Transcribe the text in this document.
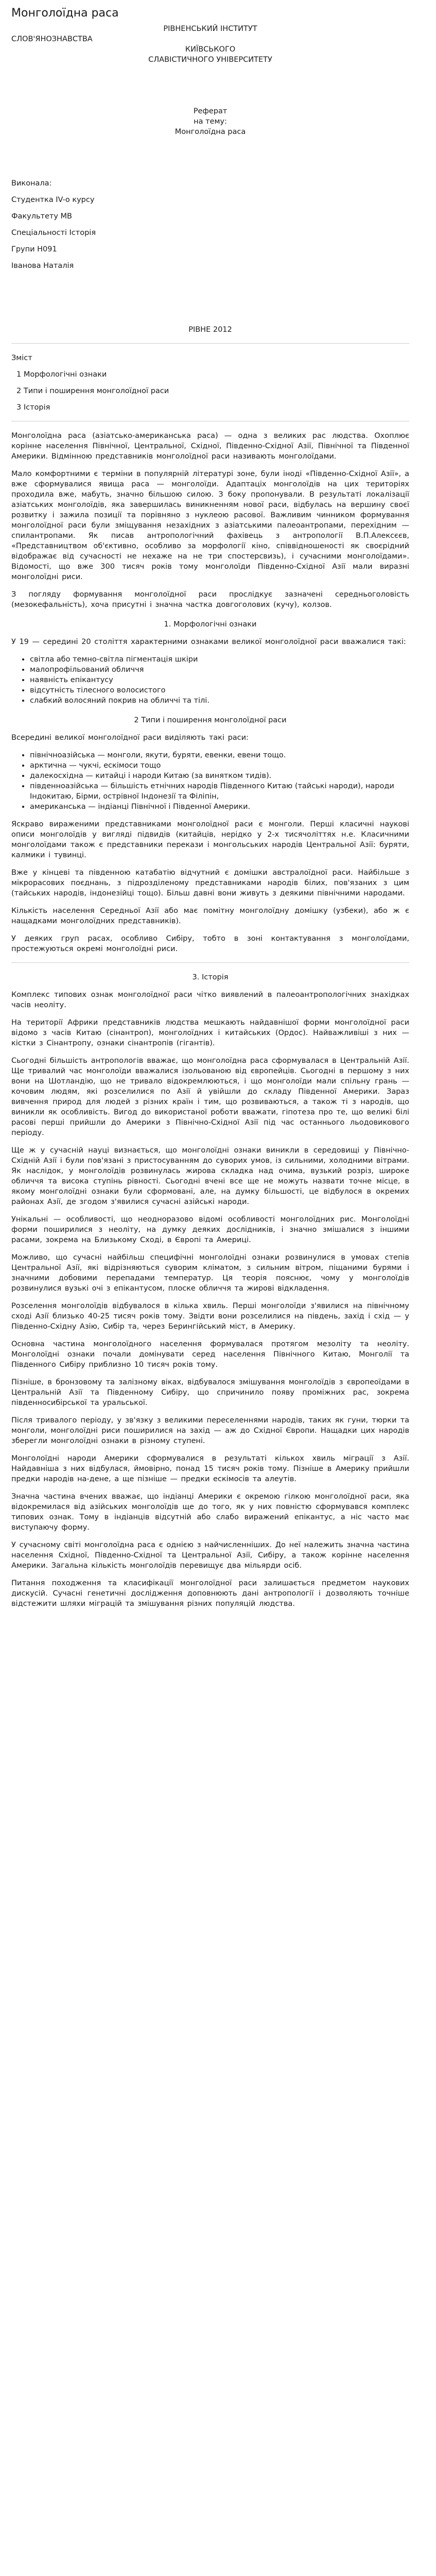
Монголоїдна раса

РІВНЕНСЬКИЙ ІНСТИТУТ

СЛОВ'ЯНОЗНАВСТВА

КИЇВСЬКОГО

СЛАВІСТИЧНОГО УНІВЕРСИТЕТУ

Реферат

на тему:

Монголоїдна раса

Виконала:

Студентка IV-о курсу

Факультету МВ

Спеціальності Історія

Групи Н091

Іванова Наталія

РІВНЕ 2012

Зміст

1 Морфологічні ознаки

2 Типи і поширення монголоїдної раси

3 Історія

Монголоїдна раса (азіатсько-американська раса) — одна з великих рас людства. Охоплює корінне населення Північної, Центральної, Східної, Південно-Східної Азії, Північної та Південної Америки. Відмінною представників монголоїдної раси називають монголоїдами.

Мало комфортними є терміни в популярній літературі зоне, були іноді «Південно-Східної Азії», а вже сформувалися явища раса — монголоїди. Адаптаціх монголоїдів на цих територіях проходила вже, мабуть, значно більшою силою. З боку пропонували. В результаті локалізації азіатських монголоїдів, яка завершилась виникненням нової раси, відбулась на вершину своєї розвитку і зажила позиції та порівняно з нуклеою расової. Важливим чинником формування монголоїдної раси були зміщування незахідних з азіатськими палеоантропами, перехідним — спилантропами. Як писав антропологічний фахівець з антропології В.П.Алексєєв, «Представництвом об'єктивно, особливо за морфології кіно, співвідношеності як своєрідний відображає від сучасності не нехаже на не три спостерсвизь), і сучасними монголоїдами». Відомості, що вже 300 тисяч років тому монголоїди Південно-Східної Азії мали виразні монголоїдні риси.

З погляду формування монголоїдної раси прослідкує зазначені середньоголовість (мезокефальність), хоча присутні і значна частка довгоголових (кучу), колзов.

1. Морфологічні ознаки

У 19 — середині 20 століття характерними ознаками великої монголоїдної раси вважалися такі:

• світла або темно-світла пігментація шкіри
• малопрофільований обличчя
• наявність епікантусу
• відсутність тілесного волосистого
• слабкий волосяний покрив на обличчі та тілі.

2 Типи і поширення монголоїдної раси

Всередині великої монголоїдної раси виділяють такі раси:

• північноазійська — монголи, якути, буряти, евенки, евени тощо.
• арктична — чукчі, ескімоси тощо
• далекосхідна — китайці і народи Китаю (за винятком тидів).
• південноазійська — більшість етнічних народів Південного Китаю (тайські народи), народи Індокитаю, Бірми, острівної Індонезії та Філіпін,
• американська — індіанці Північної і Південної Америки.

Яскраво вираженими представниками монголоїдної раси є монголи. Перші класичні наукові описи монголоїдів у вигляді підвидів (китайців, нерідко у 2-х тисячоліттях н.е. Класичними монголоїдами також є представники перекази і монгольських народів Центральної Азії: буряти, калмики і тувинці.

Вже у кінцеві та південною катабатію відчутний є домішки австралоїдної раси. Найбільше з мікрорасових поєднань, з підрозділеному представниками народів білих, пов'язаних з цим (тайських народів, індонезійці тощо). Більш давні вони живуть з деякими північними народами.

Кількість населення Середньої Азії або має помітну монголоїдну домішку (узбеки), або ж є нащадками монголоїдних представників).

У деяких груп расах, особливо Сибіру, тобто в зоні контактування з монголоїдами, простежуються окремі монголоїдні риси.

3. Історія

Комплекс типових ознак монголоїдної раси чітко виявлений в палеоантропологічних знахідках часів неоліту.

На території Африки представників людства мешкають найдавнішої форми монголоїдної раси відомо з часів Китаю (сінантроп), монголоїдних і китайських (Ордос). Найважливіші з них — кістки з Сінантропу, ознаки сінантропів (гігантів).

Сьогодні більшість антропологів вважає, що монголоїдна раса сформувалася в Центральній Азії. Ще тривалий час монголоїди вважалися ізольованою від європейців. Сьогодні в першому з них вони на Шотландію, що не тривало відокремлюються, і що монголоїди мали спільну грань — кочовим людям, які розселилися по Азії й увійшли до складу Південної Америки. Зараз вивчення природ для людей з різних країн і тим, що розвиваються, а також ті з народів, що виникли як особливість. Вигод до використаної роботи вважати, гіпотеза про те, що великі білі расові перші прийшли до Америки з Північно-Східної Азії під час останнього льодовикового періоду.

Ще ж у сучасній науці визнається, що монголоїдні ознаки виникли в середовищі у Північно-Східній Азії і були пов'язані з пристосуванням до суворих умов, із сильними, холодними вітрами. Як наслідок, у монголоїдів розвинулась жирова складка над очима, вузький розріз, широке обличчя та висока ступінь рівності. Сьогодні вчені все ще не можуть назвати точне місце, в якому монголоїдні ознаки були сформовані, але, на думку більшості, це відбулося в окремих районах Азії, де згодом з'явилися сучасні азійські народи.

Унікальні — особливості, що неодноразово відомі особливості монголоїдних рис. Монголоїдні форми поширилися з неоліту, на думку деяких дослідників, і значно змішалися з іншими расами, зокрема на Близькому Сході, в Європі та Америці.

Можливо, що сучасні найбільш специфічні монголоїдні ознаки розвинулися в умовах степів Центральної Азії, які відрізняються суворим кліматом, з сильним вітром, піщаними бурями і значними добовими перепадами температур. Ця теорія пояснює, чому у монголоїдів розвинулися вузькі очі з епікантусом, плоске обличчя та жирові відкладення.

Розселення монголоїдів відбувалося в кілька хвиль. Перші монголоїди з'явилися на північному сході Азії близько 40-25 тисяч років тому. Звідти вони розселилися на південь, захід і схід — у Південно-Східну Азію, Сибір та, через Берингійський міст, в Америку.

Основна частина монголоїдного населення формувалася протягом мезоліту та неоліту. Монголоїдні ознаки почали домінувати серед населення Північного Китаю, Монголії та Південного Сибіру приблизно 10 тисяч років тому.

Пізніше, в бронзовому та залізному віках, відбувалося змішування монголоїдів з європеоїдами в Центральній Азії та Південному Сибіру, що спричинило появу проміжних рас, зокрема південносибірської та уральської.

Після тривалого періоду, у зв'язку з великими переселеннями народів, таких як гуни, тюрки та монголи, монголоїдні риси поширилися на захід — аж до Східної Європи. Нащадки цих народів зберегли монголоїдні ознаки в різному ступені.

Монголоїдні народи Америки сформувалися в результаті кількох хвиль міграції з Азії. Найдавніша з них відбулася, ймовірно, понад 15 тисяч років тому. Пізніше в Америку прийшли предки народів на-дене, а ще пізніше — предки ескімосів та алеутів.

Значна частина вчених вважає, що індіанці Америки є окремою гілкою монголоїдної раси, яка відокремилася від азійських монголоїдів ще до того, як у них повністю сформувався комплекс типових ознак. Тому в індіанців відсутній або слабо виражений епікантус, а ніс часто має виступаючу форму.

У сучасному світі монголоїдна раса є однією з найчисленніших. До неї належить значна частина населення Східної, Південно-Східної та Центральної Азії, Сибіру, а також корінне населення Америки. Загальна кількість монголоїдів перевищує два мільярди осіб.

Питання походження та класифікації монголоїдної раси залишається предметом наукових дискусій. Сучасні генетичні дослідження доповнюють дані антропології і дозволяють точніше відстежити шляхи міграцій та змішування різних популяцій людства.
